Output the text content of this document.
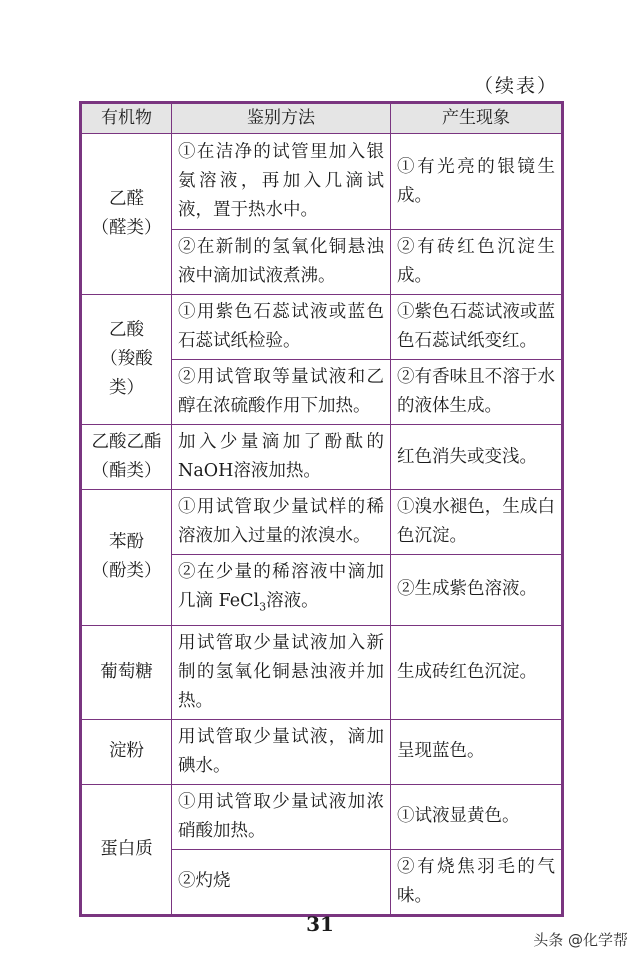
（续表）
有机物	鉴别方法	产生现象

乙醛
（醛类）	①在洁净的试管里加入银氨溶液，再加入几滴试液，置于热水中。	①有光亮的银镜生成。
	②在新制的氢氧化铜悬浊液中滴加试液煮沸。	②有砖红色沉淀生成。

乙酸
（羧酸类）	①用紫色石蕊试液或蓝色石蕊试纸检验。	①紫色石蕊试液或蓝色石蕊试纸变红。
	②用试管取等量试液和乙醇在浓硫酸作用下加热。	②有香味且不溶于水的液体生成。

乙酸乙酯
（酯类）	加入少量滴加了酚酞的NaOH溶液加热。	红色消失或变浅。

苯酚
（酚类）	①用试管取少量试样的稀溶液加入过量的浓溴水。	①溴水褪色，生成白色沉淀。
	②在少量的稀溶液中滴加几滴 FeCl$_3$溶液。	②生成紫色溶液。

葡萄糖	用试管取少量试液加入新制的氢氧化铜悬浊液并加热。	生成砖红色沉淀。

淀粉	用试管取少量试液，滴加碘水。	呈现蓝色。

蛋白质	①用试管取少量试液加浓硝酸加热。	①试液显黄色。
	②灼烧	②有烧焦羽毛的气味。
31
头条 @化学帮
